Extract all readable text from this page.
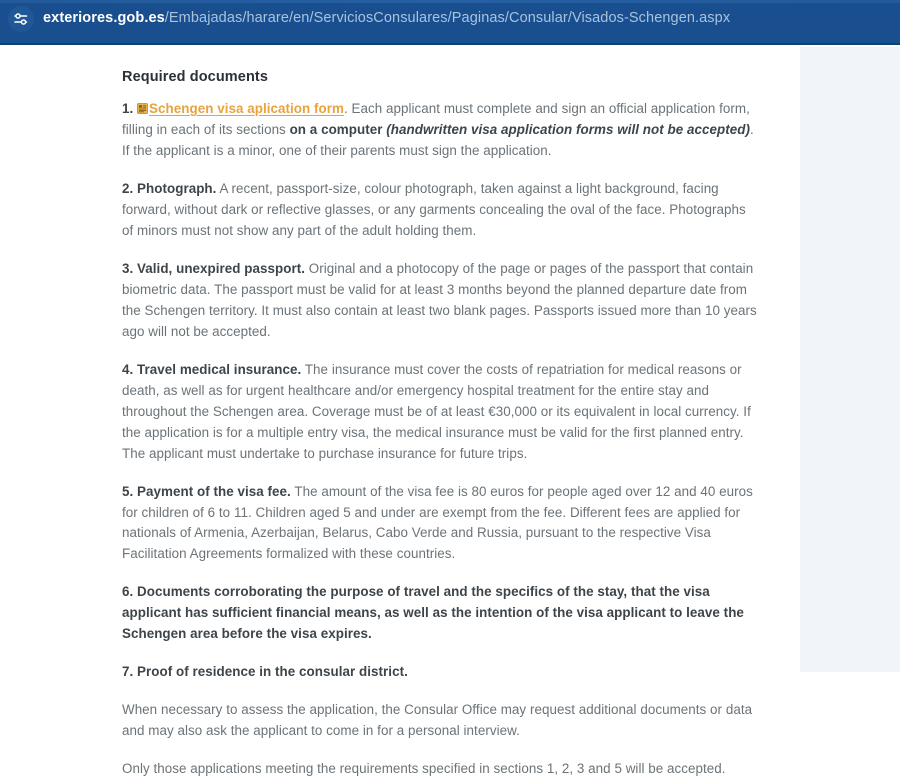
exteriores.gob.es/Embajadas/harare/en/ServiciosConsulares/Paginas/Consular/Visados-Schengen.aspx
Required documents

1. Schengen visa aplication form. Each applicant must complete and sign an official application form, filling in each of its sections on a computer (handwritten visa application forms will not be accepted). If the applicant is a minor, one of their parents must sign the application.

2. Photograph. A recent, passport-size, colour photograph, taken against a light background, facing forward, without dark or reflective glasses, or any garments concealing the oval of the face. Photographs of minors must not show any part of the adult holding them.

3. Valid, unexpired passport. Original and a photocopy of the page or pages of the passport that contain biometric data. The passport must be valid for at least 3 months beyond the planned departure date from the Schengen territory. It must also contain at least two blank pages. Passports issued more than 10 years ago will not be accepted.

4. Travel medical insurance. The insurance must cover the costs of repatriation for medical reasons or death, as well as for urgent healthcare and/or emergency hospital treatment for the entire stay and throughout the Schengen area. Coverage must be of at least €30,000 or its equivalent in local currency. If the application is for a multiple entry visa, the medical insurance must be valid for the first planned entry. The applicant must undertake to purchase insurance for future trips.

5. Payment of the visa fee. The amount of the visa fee is 80 euros for people aged over 12 and 40 euros for children of 6 to 11. Children aged 5 and under are exempt from the fee. Different fees are applied for nationals of Armenia, Azerbaijan, Belarus, Cabo Verde and Russia, pursuant to the respective Visa Facilitation Agreements formalized with these countries.

6. Documents corroborating the purpose of travel and the specifics of the stay, that the visa applicant has sufficient financial means, as well as the intention of the visa applicant to leave the Schengen area before the visa expires.

7. Proof of residence in the consular district.

When necessary to assess the application, the Consular Office may request additional documents or data and may also ask the applicant to come in for a personal interview.

Only those applications meeting the requirements specified in sections 1, 2, 3 and 5 will be accepted.
